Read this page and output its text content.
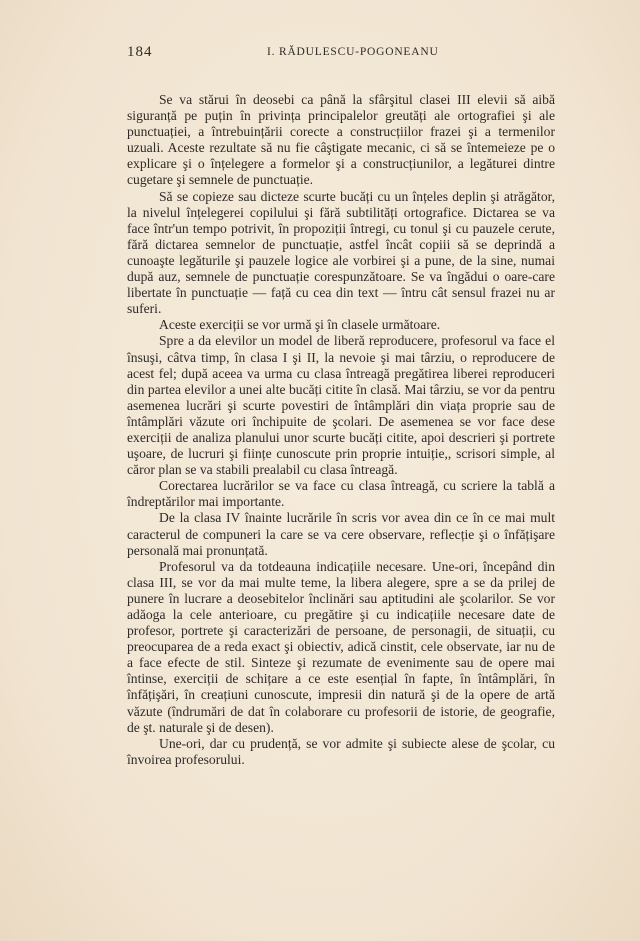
184	I. RĂDULESCU-POGONEANU

Se va stărui în deosebi ca până la sfârşitul clasei III elevii să aibă siguranță pe puțin în privința principalelor greutăți ale ortografiei şi ale punctuației, a întrebuințării corecte a construcțiilor frazei şi a termenilor uzuali. Aceste rezultate să nu fie câştigate mecanic, ci să se întemeieze pe o explicare şi o înțelegere a formelor şi a construcțiunilor, a legăturei dintre cugetare şi semnele de punctuație.

Să se copieze sau dicteze scurte bucăți cu un înțeles deplin şi atrăgător, la nivelul înțelegerei copilului şi fără subtilități ortografice. Dictarea se va face într'un tempo potrivit, în propoziții întregi, cu tonul şi cu pauzele cerute, fără dictarea semnelor de punctuație, astfel încât copiii să se deprindă a cunoaşte legăturile şi pauzele logice ale vorbirei şi a pune, de la sine, numai după auz, semnele de punctuație corespunzătoare. Se va îngădui o oare-care libertate în punctuație — față cu cea din text — întru cât sensul frazei nu ar suferi.

Aceste exerciții se vor urmă şi în clasele următoare.

Spre a da elevilor un model de liberă reproducere, profesorul va face el însuşi, câtva timp, în clasa I şi II, la nevoie şi mai târziu, o reproducere de acest fel; după aceea va urma cu clasa întreagă pregătirea liberei reproduceri din partea elevilor a unei alte bucăți citite în clasă. Mai târziu, se vor da pentru asemenea lucrări şi scurte povestiri de întâmplări din viața proprie sau de întâmplări văzute ori închipuite de şcolari. De asemenea se vor face dese exerciții de analiza planului unor scurte bucăți citite, apoi descrieri şi portrete uşoare, de lucruri şi ființe cunoscute prin proprie intuiție,, scrisori simple, al căror plan se va stabili prealabil cu clasa întreagă.

Corectarea lucrărilor se va face cu clasa întreagă, cu scriere la tablă a îndreptărilor mai importante.

De la clasa IV înainte lucrările în scris vor avea din ce în ce mai mult caracterul de compuneri la care se va cere observare, reflecție şi o înfățişare personală mai pronunțată.

Profesorul va da totdeauna indicațiile necesare. Une-ori, începând din clasa III, se vor da mai multe teme, la libera alegere, spre a se da prilej de punere în lucrare a deosebitelor înclinări sau aptitudini ale şcolarilor. Se vor adăoga la cele anterioare, cu pregătire şi cu indicațiile necesare date de profesor, portrete şi caracterizări de persoane, de personagii, de situații, cu preocuparea de a reda exact şi obiectiv, adică cinstit, cele observate, iar nu de a face efecte de stil. Sinteze şi rezumate de evenimente sau de opere mai întinse, exerciții de schițare a ce este esențial în fapte, în întâmplări, în înfățişări, în creațiuni cunoscute, impresii din natură şi de la opere de artă văzute (îndrumări de dat în colaborare cu profesorii de istorie, de geografie, de şt. naturale şi de desen).

Une-ori, dar cu prudență, se vor admite şi subiecte alese de şcolar, cu învoirea profesorului.
